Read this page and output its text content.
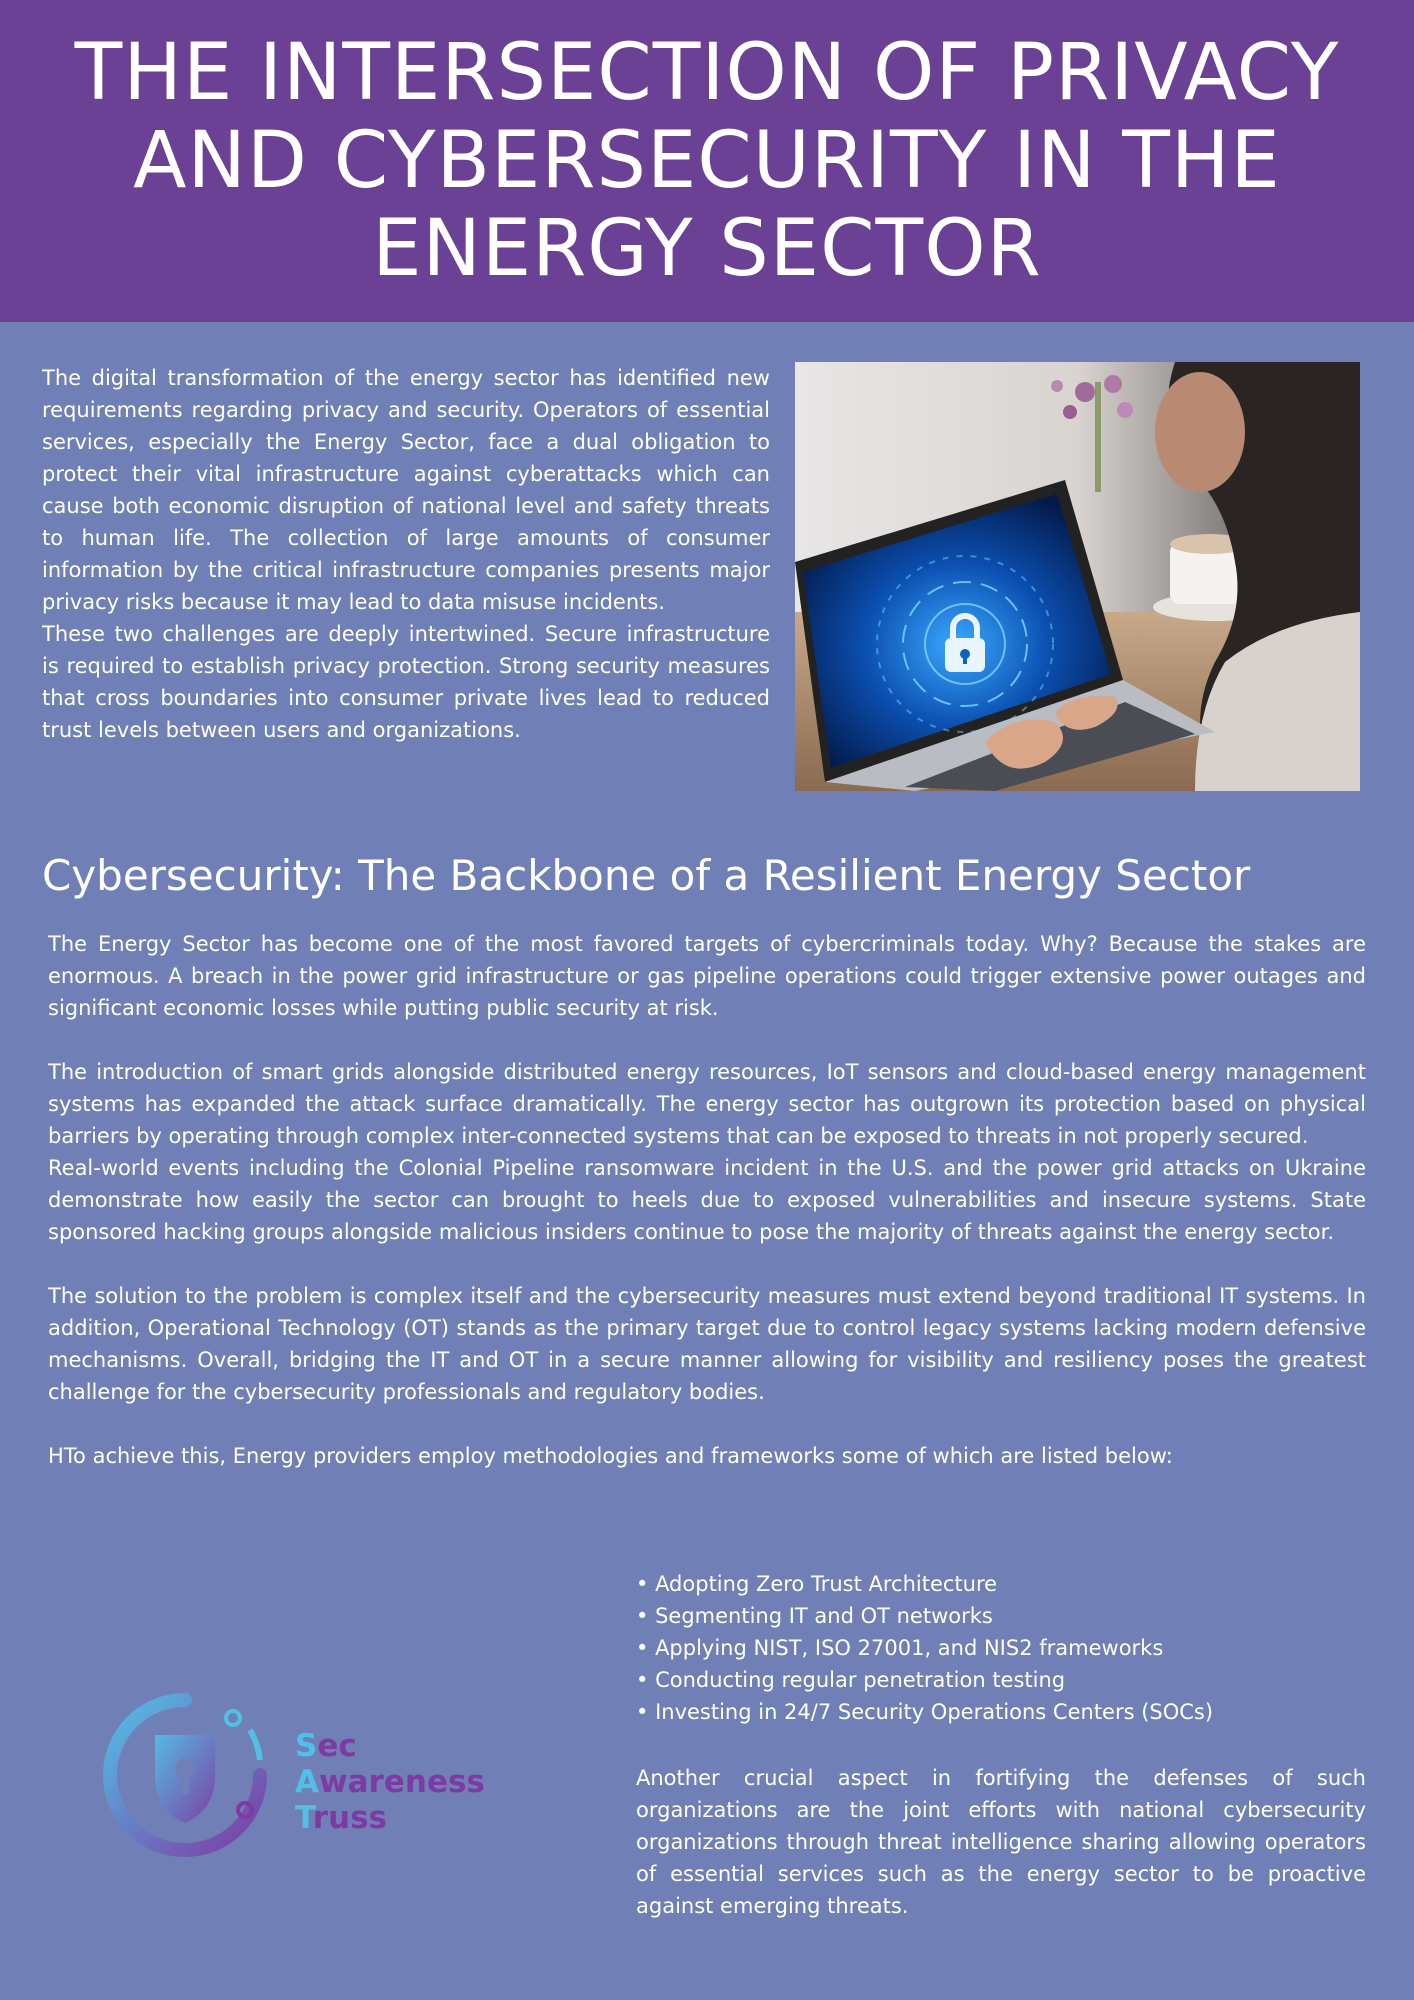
THE INTERSECTION OF PRIVACY AND CYBERSECURITY IN THE ENERGY SECTOR

The digital transformation of the energy sector has identified new requirements regarding privacy and security. Operators of essential services, especially the Energy Sector, face a dual obligation to protect their vital infrastructure against cyberattacks which can cause both economic disruption of national level and safety threats to human life. The collection of large amounts of consumer information by the critical infrastructure companies presents major privacy risks because it may lead to data misuse incidents.

These two challenges are deeply intertwined. Secure infrastructure is required to establish privacy protection. Strong security measures that cross boundaries into consumer private lives lead to reduced trust levels between users and organizations.

Cybersecurity: The Backbone of a Resilient Energy Sector

The Energy Sector has become one of the most favored targets of cybercriminals today. Why? Because the stakes are enormous. A breach in the power grid infrastructure or gas pipeline operations could trigger extensive power outages and significant economic losses while putting public security at risk.

The introduction of smart grids alongside distributed energy resources, IoT sensors and cloud-based energy management systems has expanded the attack surface dramatically. The energy sector has outgrown its protection based on physical barriers by operating through complex inter-connected systems that can be exposed to threats in not properly secured.

Real-world events including the Colonial Pipeline ransomware incident in the U.S. and the power grid attacks on Ukraine demonstrate how easily the sector can brought to heels due to exposed vulnerabilities and insecure systems. State sponsored hacking groups alongside malicious insiders continue to pose the majority of threats against the energy sector.

The solution to the problem is complex itself and the cybersecurity measures must extend beyond traditional IT systems. In addition, Operational Technology (OT) stands as the primary target due to control legacy systems lacking modern defensive mechanisms. Overall, bridging the IT and OT in a secure manner allowing for visibility and resiliency poses the greatest challenge for the cybersecurity professionals and regulatory bodies.

HTo achieve this, Energy providers employ methodologies and frameworks some of which are listed below:

• Adopting Zero Trust Architecture
• Segmenting IT and OT networks
• Applying NIST, ISO 27001, and NIS2 frameworks
• Conducting regular penetration testing
• Investing in 24/7 Security Operations Centers (SOCs)

Another crucial aspect in fortifying the defenses of such organizations are the joint efforts with national cybersecurity organizations through threat intelligence sharing allowing operators of essential services such as the energy sector to be proactive against emerging threats.

Sec
Awareness
Truss
